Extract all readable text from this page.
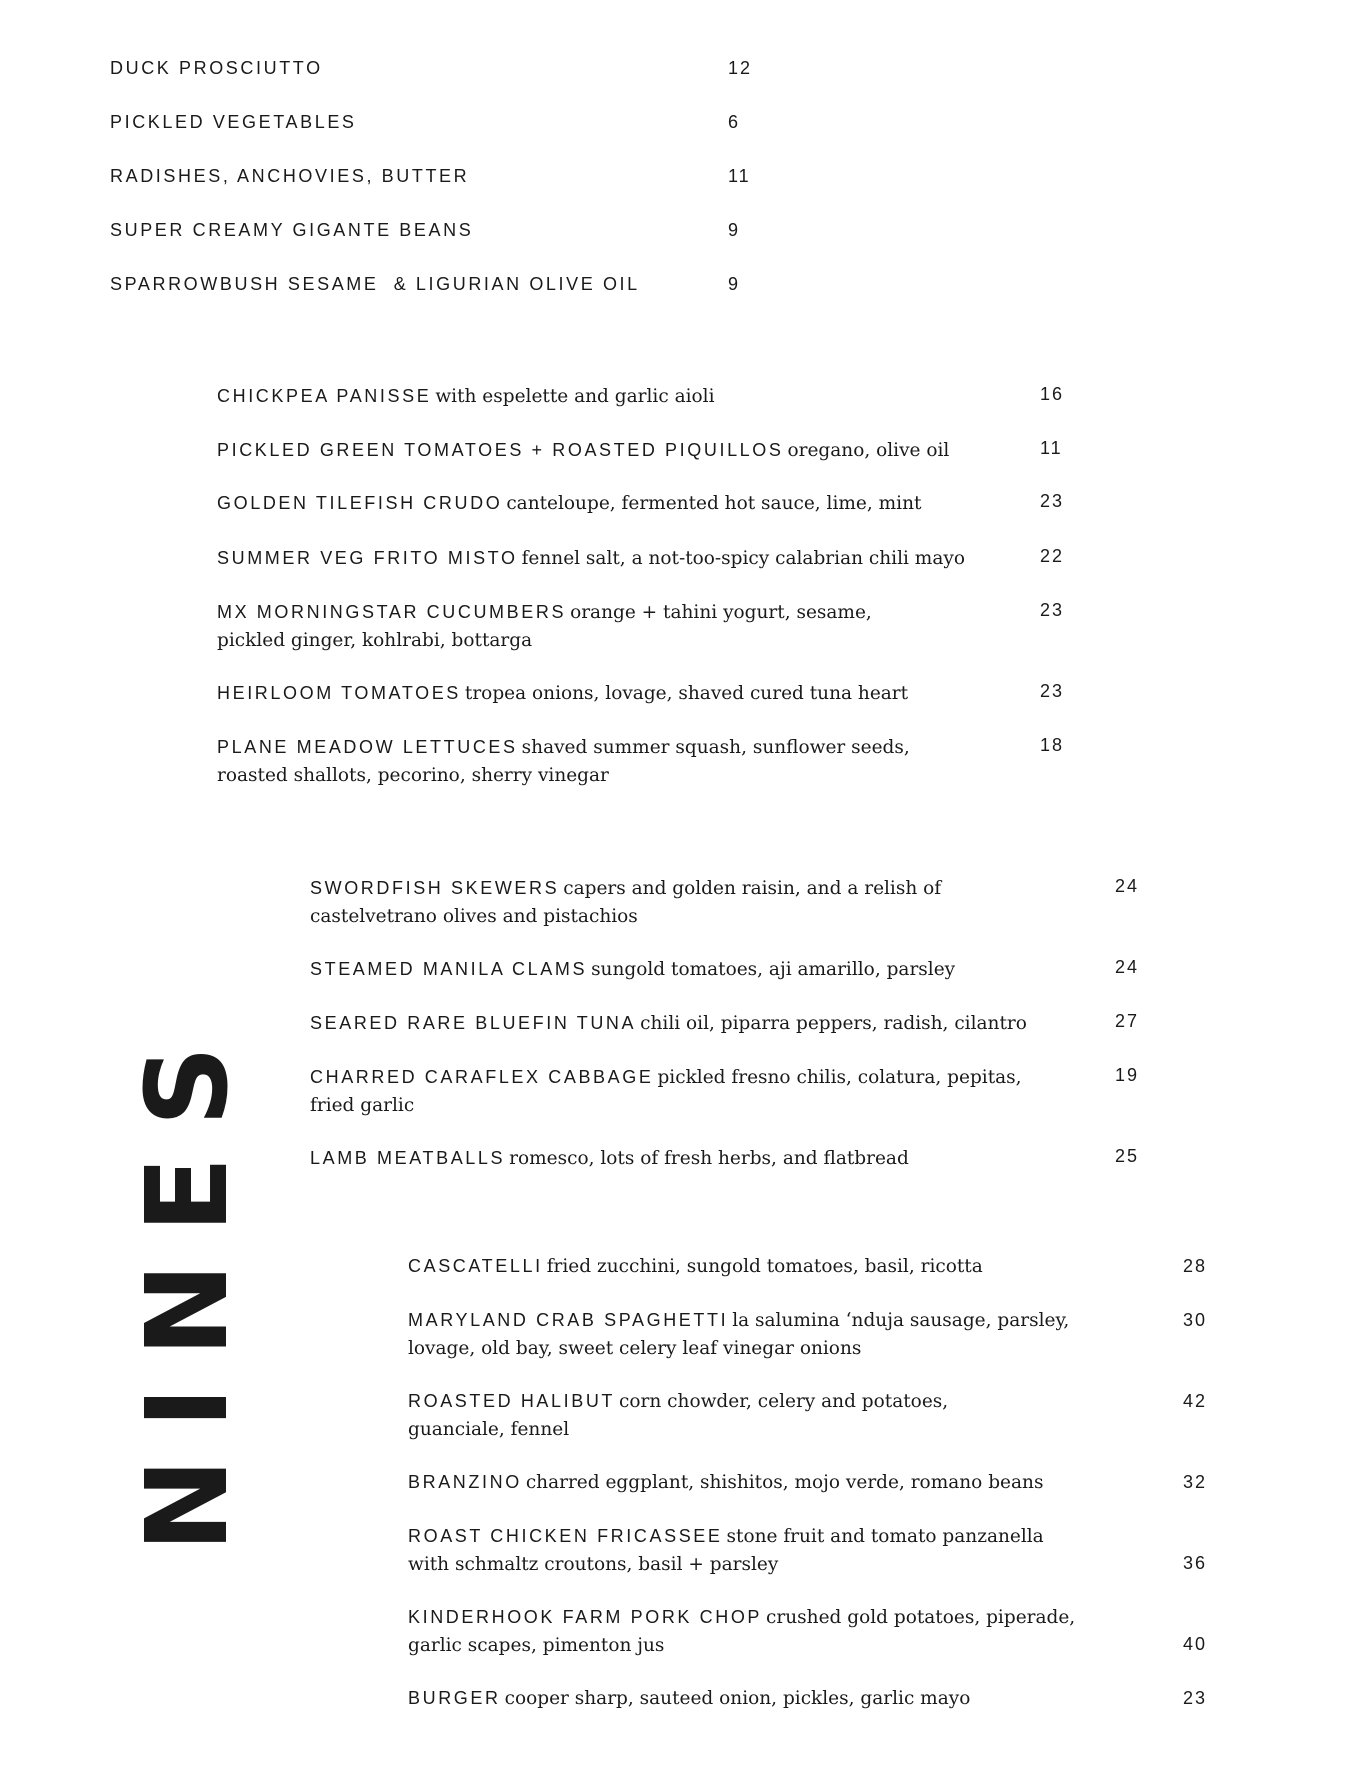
NINES
DUCK PROSCIUTTO	12
PICKLED VEGETABLES	6
RADISHES, ANCHOVIES, BUTTER	11
SUPER CREAMY GIGANTE BEANS	9
SPARROWBUSH SESAME  & LIGURIAN OLIVE OIL	9
CHICKPEA PANISSE with espelette and garlic aioli	16
PICKLED GREEN TOMATOES + ROASTED PIQUILLOS oregano, olive oil	11
GOLDEN TILEFISH CRUDO canteloupe, fermented hot sauce, lime, mint	23
SUMMER VEG FRITO MISTO fennel salt, a not-too-spicy calabrian chili mayo	22
MX MORNINGSTAR CUCUMBERS orange + tahini yogurt, sesame,
pickled ginger, kohlrabi, bottarga
23
HEIRLOOM TOMATOES tropea onions, lovage, shaved cured tuna heart	23
PLANE MEADOW LETTUCES shaved summer squash, sunflower seeds,
roasted shallots, pecorino, sherry vinegar
18
SWORDFISH SKEWERS capers and golden raisin, and a relish of
castelvetrano olives and pistachios
24
STEAMED MANILA CLAMS sungold tomatoes, aji amarillo, parsley	24
SEARED RARE BLUEFIN TUNA chili oil, piparra peppers, radish, cilantro	27
CHARRED CARAFLEX CABBAGE pickled fresno chilis, colatura, pepitas,
fried garlic
19
LAMB MEATBALLS romesco, lots of fresh herbs, and flatbread	25
CASCATELLI fried zucchini, sungold tomatoes, basil, ricotta	28
MARYLAND CRAB SPAGHETTI la salumina ‘nduja sausage, parsley,
lovage, old bay, sweet celery leaf vinegar onions
30
ROASTED HALIBUT corn chowder, celery and potatoes,
guanciale, fennel
42
BRANZINO charred eggplant, shishitos, mojo verde, romano beans	32
ROAST CHICKEN FRICASSEE stone fruit and tomato panzanella
with schmaltz croutons, basil + parsley	36
KINDERHOOK FARM PORK CHOP crushed gold potatoes, piperade,
garlic scapes, pimenton jus	40
BURGER cooper sharp, sauteed onion, pickles, garlic mayo	23
